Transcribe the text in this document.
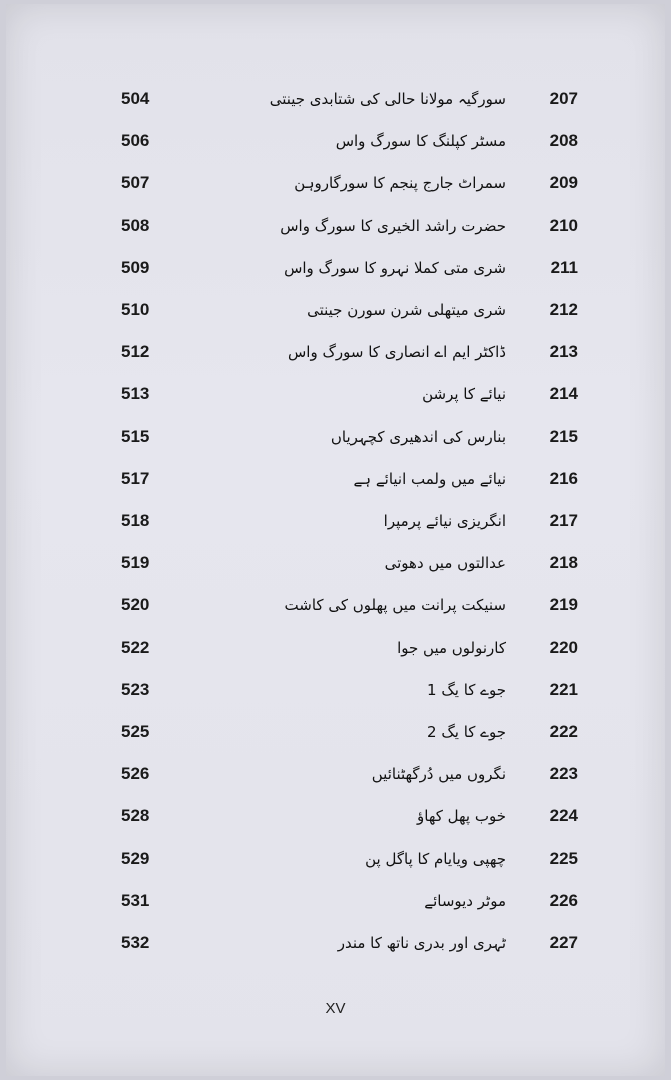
504	سورگیہ مولانا حالی کی شتابدی جینتی	207
506	مسٹر کپلنگ کا سورگ واس	208
507	سمراٹ جارج پنجم کا سورگاروہن	209
508	حضرت راشد الخیری کا سورگ واس	210
509	شری متی کملا نہرو کا سورگ واس	211
510	شری میتھلی شرن سورن جینتی	212
512	ڈاکٹر ایم اے انصاری کا سورگ واس	213
513	نیائے کا پرشن	214
515	بنارس کی اندھیری کچہریاں	215
517	نیائے میں ولمب انیائے ہے	216
518	انگریزی نیائے پرمپرا	217
519	عدالتوں میں دھوتی	218
520	سنیکت پرانت میں پھلوں کی کاشت	219
522	کارنولوں میں جوا	220
523	جوے کا یگ 1	221
525	جوے کا یگ 2	222
526	نگروں میں دُرگھٹنائیں	223
528	خوب پھل کھاؤ	224
529	چھپی ویایام کا پاگل پن	225
531	موٹر دیوسائے	226
532	ٹہری اور بدری ناتھ کا مندر	227
XV
